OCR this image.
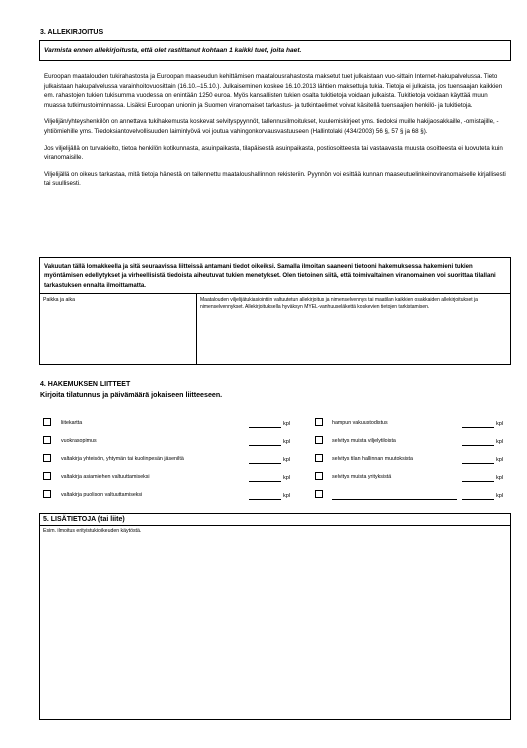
3. ALLEKIRJOITUS
Varmista ennen allekirjoitusta, että olet rastittanut kohtaan 1 kaikki tuet, joita haet.

Euroopan maatalouden tukirahastosta ja Euroopan maaseudun kehittämisen maatalousrahastosta maksetut tuet julkaistaan vuo-sittain Internet-hakupalvelussa. Tieto julkaistaan hakupalvelussa varainhoitovuosittain (16.10.–15.10.). Julkaiseminen koskee 16.10.2013 lähtien maksettuja tukia. Tietoja ei julkaista, jos tuensaajan kaikkien em. rahastojen tukien tukisumma vuodessa on enintään 1250 euroa. Myös kansallisten tukien osalta tukitietoja voidaan julkaista. Tukitietoja voidaan käyttää muun muassa tutkimustoiminnassa. Lisäksi Euroopan unionin ja Suomen viranomaiset tarkastus- ja tutkintaelimet voivat käsitellä tuensaajien henkilö- ja tukitietoja.

Viljelijän/yhteyshenkilön on annettava tukihakemusta koskevat selvityspyynnöt, tallennusilmoitukset, kuulemiskirjeet yms. tiedoksi muille hakijaosakkaille, -omistajille, -yhtiömiehille yms. Tiedoksiantovelvollisuuden laiminlyövä voi joutua vahingonkorvausvastuuseen (Hallintolaki (434/2003) 56 §, 57 § ja 68 §).

Jos viljelijällä on turvakielto, tietoa henkilön kotikunnasta, asuinpaikasta, tilapäisestä asuinpaikasta, postiosoitteesta tai vastaavasta muusta osoitteesta ei luovuteta kuin viranomaisille.

Viljelijällä on oikeus tarkastaa, mitä tietoja hänestä on tallennettu maataloushallinnon rekisteriin. Pyynnön voi esittää kunnan maaseutuelinkeinoviranomaiselle kirjallisesti tai suullisesti.

Vakuutan tällä lomakkeella ja sitä seuraavissa liitteissä antamani tiedot oikeiksi. Samalla ilmoitan saaneeni tietooni hakemuksessa hakemieni tukien myöntämisen edellytykset ja virheellisistä tiedoista aiheutuvat tukien menetykset. Olen tietoinen siitä, että toimivaltainen viranomainen voi suorittaa tilallani tarkastuksen ennalta ilmoittamatta.
Paikka ja aika	Maatalouden viljelijätukiasiointiin valtuutetun allekirjoitus ja nimenselvennys tai maatilan kaikkien osakkaiden allekirjoitukset ja nimenselvennykset. Allekirjoituksella hyväksyn MYEL-vanhuuseläkettä koskevien tietojen tarkistamisen.
4. HAKEMUKSEN LIITTEET
Kirjoita tilatunnus ja päivämäärä jokaiseen liitteeseen.
liitekartta	kpl
vuokrasopimus	kpl
valtakirja yhteisön, yhtymän tai kuolinpesän jäseniltä	kpl
valtakirja asiamiehen valtuuttamiseksi	kpl
valtakirja puolison valtuuttamiseksi	kpl
hampun vakuustodistus	kpl
selvitys muista viljelytiloista	kpl
selvitys tilan hallinnan muutoksista	kpl
selvitys muista yrityksistä	kpl
kpl
5. LISÄTIETOJA (tai liite)
Esim. ilmoitus erityistukioikeuden käytöstä.
